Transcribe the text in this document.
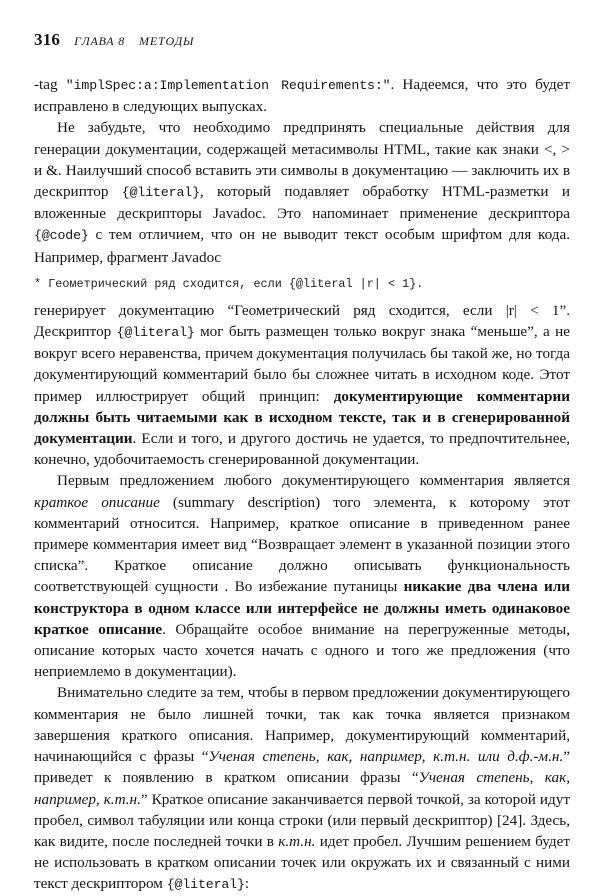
316 ГЛАВА 8 МЕТОДЫ

-tag "implSpec:a:Implementation Requirements:". Надеемся, что это будет исправлено в следующих выпусках.

Не забудьте, что необходимо предпринять специальные действия для генерации документации, содержащей метасимволы HTML, такие как знаки <, > и &. Наилучший способ вставить эти символы в документацию — заключить их в дескриптор {@literal}, который подавляет обработку HTML-разметки и вложенные дескрипторы Javadoc. Это напоминает применение дескриптора {@code} с тем отличием, что он не выводит текст особым шрифтом для кода. Например, фрагмент Javadoc

* Геометрический ряд сходится, если {@literal |r| < 1}.

генерирует документацию “Геометрический ряд сходится, если |r| < 1”. Дескриптор {@literal} мог быть размещен только вокруг знака “меньше”, а не вокруг всего неравенства, причем документация получилась бы такой же, но тогда документирующий комментарий было бы сложнее читать в исходном коде. Этот пример иллюстрирует общий принцип: документирующие комментарии должны быть читаемыми как в исходном тексте, так и в сгенерированной документации. Если и того, и другого достичь не удается, то предпочтительнее, конечно, удобочитаемость сгенерированной документации.

Первым предложением любого документирующего комментария является краткое описание (summary description) того элемента, к которому этот комментарий относится. Например, краткое описание в приведенном ранее примере комментария имеет вид “Возвращает элемент в указанной позиции этого списка”. Краткое описание должно описывать функциональность соответствующей сущности . Во избежание путаницы никакие два члена или конструктора в одном классе или интерфейсе не должны иметь одинаковое краткое описание. Обращайте особое внимание на перегруженные методы, описание которых часто хочется начать с одного и того же предложения (что неприемлемо в документации).

Внимательно следите за тем, чтобы в первом предложении документирующего комментария не было лишней точки, так как точка является признаком завершения краткого описания. Например, документирующий комментарий, начинающийся с фразы “Ученая степень, как, например, к.т.н. или д.ф.-м.н.” приведет к появлению в кратком описании фразы “Ученая степень, как, например, к.т.н.” Краткое описание заканчивается первой точкой, за которой идут пробел, символ табуляции или конца строки (или первый дескриптор) [24]. Здесь, как видите, после последней точки в к.т.н. идет пробел. Лучшим решением будет не использовать в кратком описании точек или окружать их и связанный с ними текст дескриптором {@literal}:
